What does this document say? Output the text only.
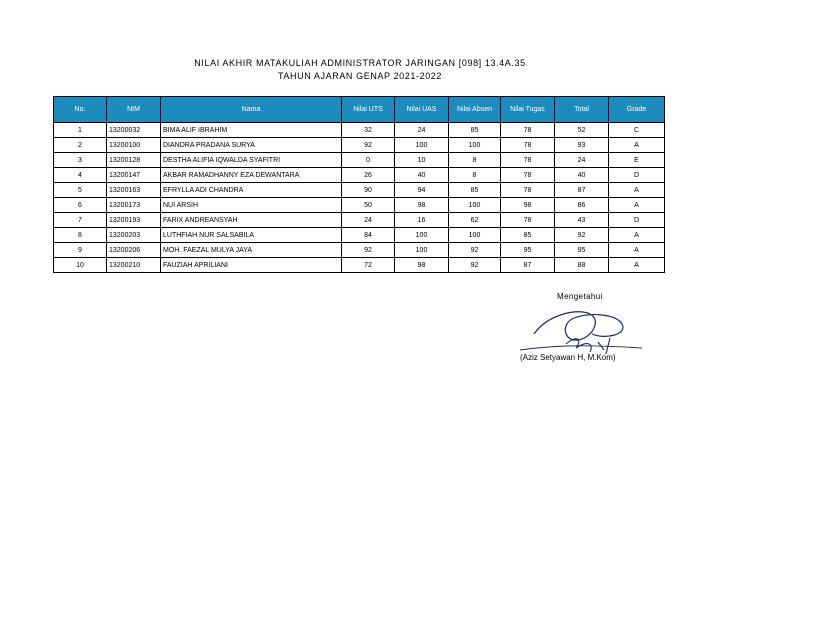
NILAI AKHIR MATAKULIAH ADMINISTRATOR JARINGAN [098] 13.4A.35
TAHUN AJARAN GENAP 2021-2022
No.	NIM	Nama	Nilai UTS	Nilai UAS	Nilai Absen	Nilai Tugas	Total	Grade
1	13200032	BIMA ALIF IBRAHIM	32	24	85	78	52	C
2	13200100	DIANDRA PRADANA SURYA	92	100	100	78	93	A
3	13200128	DESTHA ALIFIA IQWALDA SYAFITRI	0	10	8	78	24	E
4	13200147	AKBAR RAMADHANNY EZA DEWANTARA	26	40	8	78	40	D
5	13200163	EFRYLLA ADI CHANDRA	90	94	85	78	87	A
6	13200173	NUI ARSIH	50	98	100	98	86	A
7	13200193	FARIX ANDREANSYAH	24	16	62	78	43	D
8	13200203	LUTHFIAH NUR SALSABILA	84	100	100	85	92	A
9	13200206	MOH. FAEZAL MULYA JAYA	92	100	92	95	95	A
10	13200210	FAUZIAH APRILIANI	72	98	92	87	88	A
Mengetahui
(Aziz Setyawan H, M.Kom)
